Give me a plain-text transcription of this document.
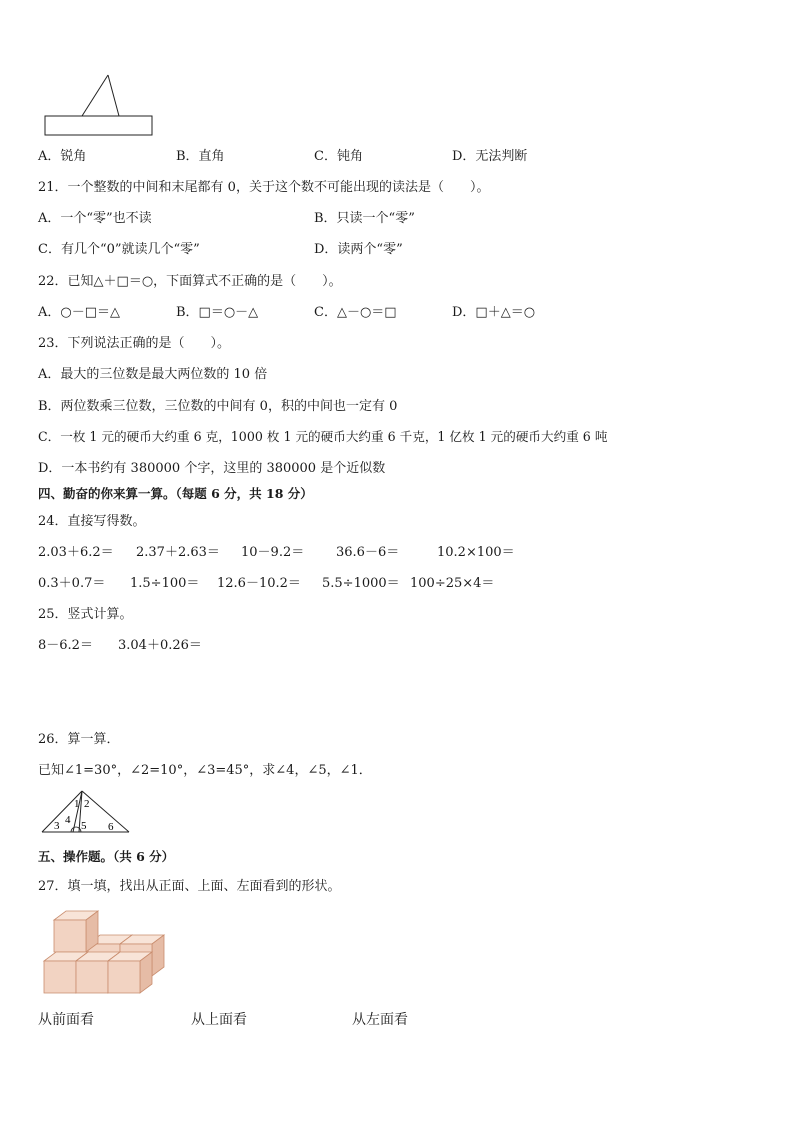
A．锐角	B．直角	C．钝角	D．无法判断
21．一个整数的中间和末尾都有 0，关于这个数不可能出现的读法是（　　）。
A．一个“零”也不读	B．只读一个“零”
C．有几个“0”就读几个“零”	D．读两个“零”
22．已知△＋□＝○，下面算式不正确的是（　　）。
A．○－□＝△	B．□＝○－△	C．△－○＝□	D．□＋△＝○
23．下列说法正确的是（　　）。
A．最大的三位数是最大两位数的 10 倍
B．两位数乘三位数，三位数的中间有 0，积的中间也一定有 0
C．一枚 1 元的硬币大约重 6 克，1000 枚 1 元的硬币大约重 6 千克，1 亿枚 1 元的硬币大约重 6 吨
D．一本书约有 380000 个字，这里的 380000 是个近似数
四、勤奋的你来算一算。（每题 6 分，共 18 分）
24．直接写得数。
2.03＋6.2＝ 2.37＋2.63＝ 10－9.2＝ 36.6－6＝	10.2×100＝
0.3＋0.7＝ 1.5÷100＝ 12.6－10.2＝ 5.5÷1000＝ 100÷25×4＝
25．竖式计算。
8－6.2＝ 3.04＋0.26＝
26．算一算．
已知∠1=30°，∠2=10°，∠3=45°，求∠4，∠5，∠1．
1 2
3 4 5 6
五、操作题。（共 6 分）
27．填一填，找出从正面、上面、左面看到的形状。
从前面看	从上面看	从左面看
